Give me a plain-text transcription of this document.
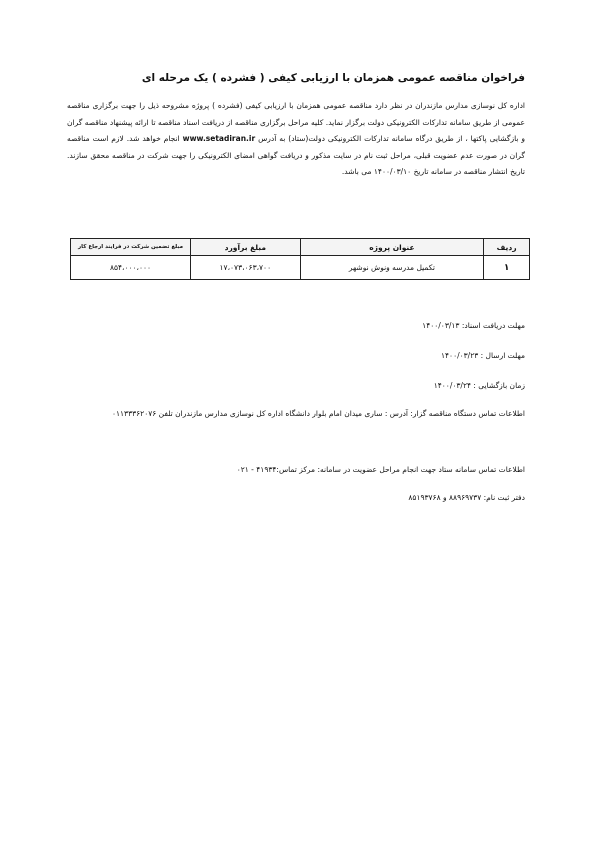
فراخوان مناقصه عمومی همزمان با ارزیابی کیفی ( فشرده ) یک مرحله ای
اداره کل نوسازی مدارس مازندران در نظر دارد مناقصه عمومی همزمان با ارزیابی کیفی (فشرده ) پروژه مشروحه ذیل را جهت برگزاری مناقصه عمومی از طریق سامانه تدارکات الکترونیکی دولت برگزار نماید. کلیه مراحل برگزاری مناقصه از دریافت اسناد مناقصه تا ارائه پیشنهاد مناقصه گران و بازگشایی پاکتها ، از طریق درگاه سامانه تدارکات الکترونیکی دولت(ستاد) به آدرس www.setadiran.ir انجام خواهد شد. لازم است مناقصه گران در صورت عدم عضویت قبلی، مراحل ثبت نام در سایت مذکور و دریافت گواهی امضای الکترونیکی را جهت شرکت در مناقصه محقق سازند. تاریخ انتشار مناقصه در سامانه تاریخ ۱۴۰۰/۰۳/۱۰ می باشد.
ردیف	عنوان پروژه	مبلغ برآورد	مبلغ تضمین شرکت در فرایند ارجاع کار
۱	تکمیل مدرسه ونوش نوشهر	۱۷،۰۷۳،۰۶۳،۷۰۰	۸۵۴،۰۰۰،۰۰۰
مهلت دریافت اسناد: ۱۴۰۰/۰۳/۱۳
مهلت ارسال : ۱۴۰۰/۰۳/۲۳
زمان بازگشایی : ۱۴۰۰/۰۳/۲۴
اطلاعات تماس دستگاه مناقصه گزار: آدرس : ساری میدان امام بلوار دانشگاه اداره کل نوسازی مدارس مازندران تلفن ۰۱۱۳۳۳۶۲۰۷۶
اطلاعات تماس سامانه ستاد جهت انجام مراحل عضویت در سامانه: مرکز تماس:۴۱۹۳۴ - ۰۲۱
دفتر ثبت نام: ۸۸۹۶۹۷۳۷ و ۸۵۱۹۳۷۶۸
